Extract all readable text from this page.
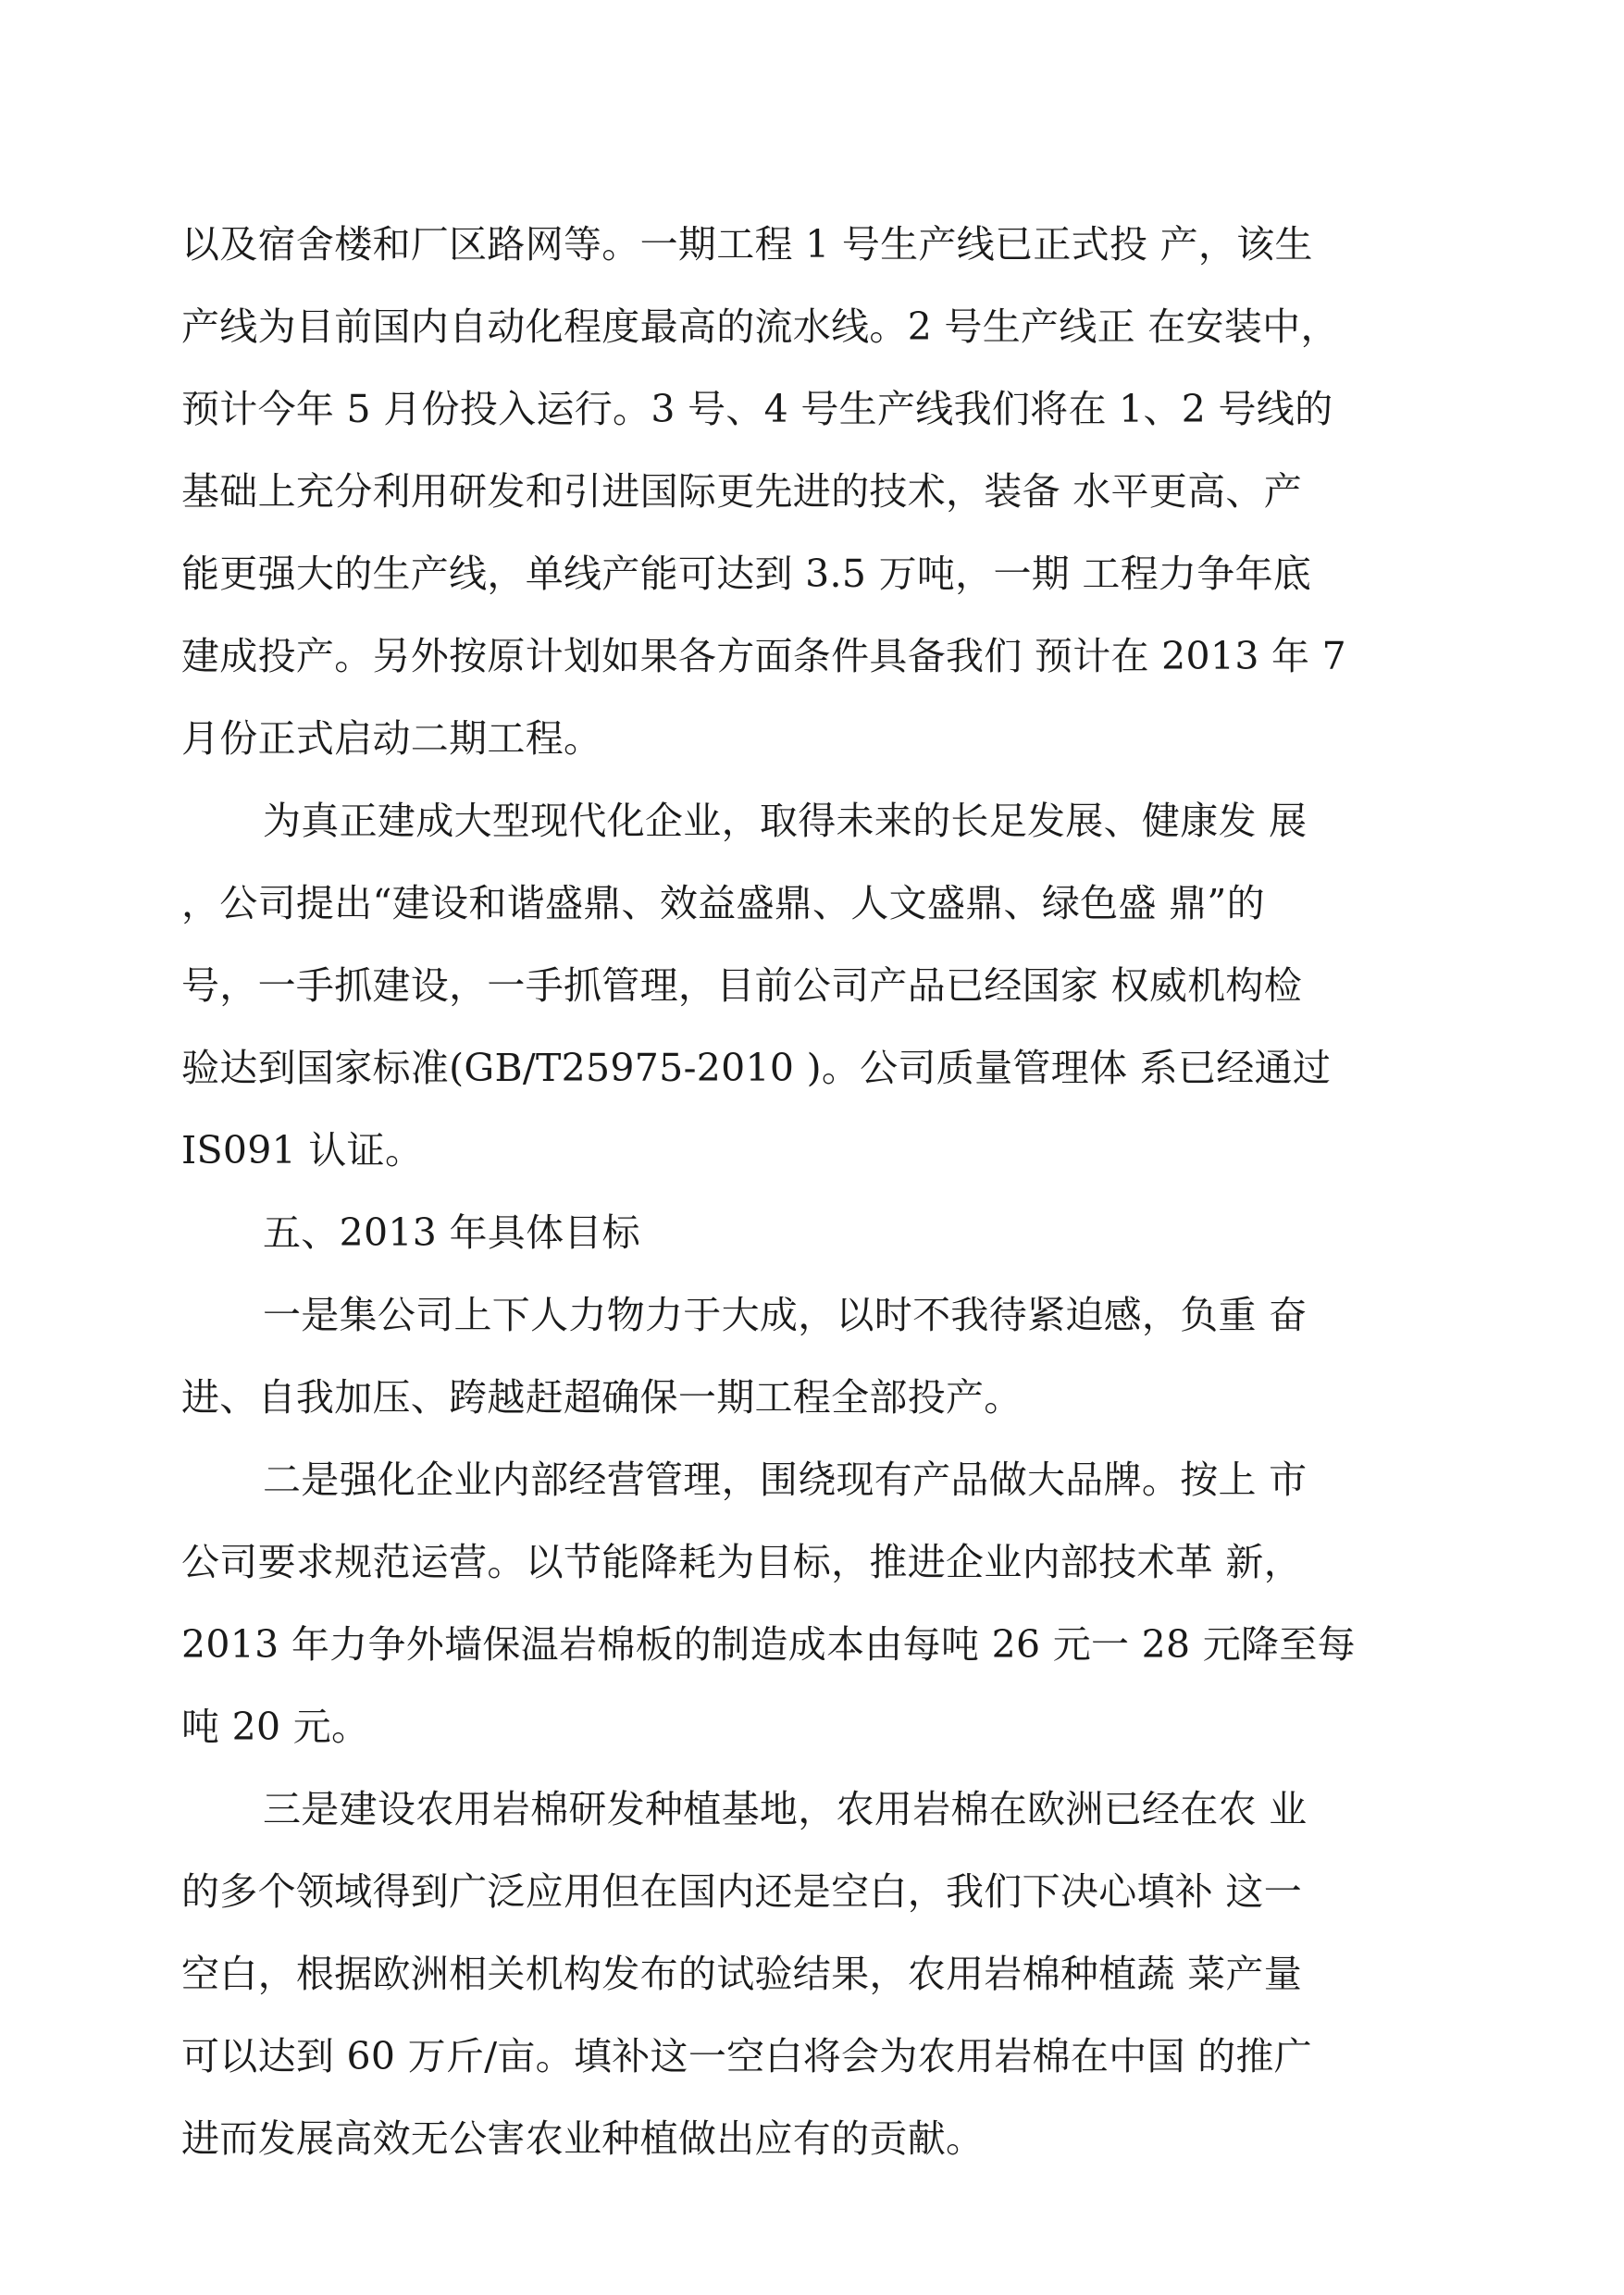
以及宿舍楼和厂区路网等。一期工程 1 号生产线已正式投 产，该生
产线为目前国内自动化程度最高的流水线。2 号生产线正 在安装中，
预计今年 5 月份投入运行。3 号、4 号生产线我们将在 1、2 号线的
基础上充分利用研发和引进国际更先进的技术，装备 水平更高、产
能更强大的生产线，单线产能可达到 3.5 万吨，一期 工程力争年底
建成投产。另外按原计划如果各方面条件具备我们 预计在 2013 年 7
月份正式启动二期工程。
为真正建成大型现代化企业，取得未来的长足发展、健康发 展
，公司提出“建设和谐盛鼎、效益盛鼎、人文盛鼎、绿色盛 鼎”的
号，一手抓建设，一手抓管理，目前公司产品已经国家 权威机构检
验达到国家标准(GB/T25975-2010 )。公司质量管理体 系已经通过
IS091 认证。
五、2013 年具体目标
一是集公司上下人力物力于大成，以时不我待紧迫感，负重 奋
进、自我加压、跨越赶超确保一期工程全部投产。
二是强化企业内部经营管理，围绕现有产品做大品牌。按上 市
公司要求规范运营。以节能降耗为目标，推进企业内部技术革 新，
2013 年力争外墙保温岩棉板的制造成本由每吨 26 元一 28 元降至每
吨 20 元。
三是建设农用岩棉研发种植基地，农用岩棉在欧洲已经在农 业
的多个领域得到广泛应用但在国内还是空白，我们下决心填补 这一
空白，根据欧洲相关机构发布的试验结果，农用岩棉种植蔬 菜产量
可以达到 60 万斤/亩。填补这一空白将会为农用岩棉在中国 的推广
进而发展高效无公害农业种植做出应有的贡献。
